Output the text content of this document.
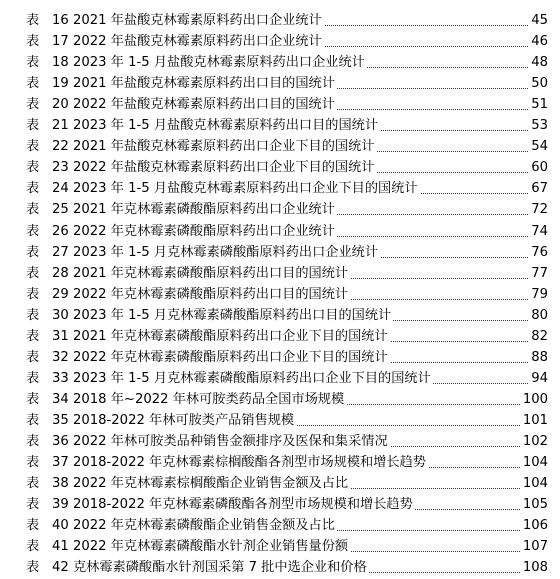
表 16 2021 年盐酸克林霉素原料药出口企业统计	45
表 17 2022 年盐酸克林霉素原料药出口企业统计	46
表 18 2023 年 1-5 月盐酸克林霉素原料药出口企业统计	48
表 19 2021 年盐酸克林霉素原料药出口目的国统计	50
表 20 2022 年盐酸克林霉素原料药出口目的国统计	51
表 21 2023 年 1-5 月盐酸克林霉素原料药出口目的国统计	53
表 22 2021 年盐酸克林霉素原料药出口企业下目的国统计	54
表 23 2022 年盐酸克林霉素原料药出口企业下目的国统计	60
表 24 2023 年 1-5 月盐酸克林霉素原料药出口企业下目的国统计	67
表 25 2021 年克林霉素磷酸酯原料药出口企业统计	72
表 26 2022 年克林霉素磷酸酯原料药出口企业统计	74
表 27 2023 年 1-5 月克林霉素磷酸酯原料药出口企业统计	76
表 28 2021 年克林霉素磷酸酯原料药出口目的国统计	77
表 29 2022 年克林霉素磷酸酯原料药出口目的国统计	79
表 30 2023 年 1-5 月克林霉素磷酸酯原料药出口目的国统计	80
表 31 2021 年克林霉素磷酸酯原料药出口企业下目的国统计	82
表 32 2022 年克林霉素磷酸酯原料药出口企业下目的国统计	88
表 33 2023 年 1-5 月克林霉素磷酸酯原料药出口企业下目的国统计	94
表 34 2018 年~2022 年林可胺类药品全国市场规模	100
表 35 2018-2022 年林可胺类产品销售规模	101
表 36 2022 年林可胺类品种销售金额排序及医保和集采情况	102
表 37 2018-2022 年克林霉素棕榈酸酯各剂型市场规模和增长趋势	104
表 38 2022 年克林霉素棕榈酸酯企业销售金额及占比	104
表 39 2018-2022 年克林霉素磷酸酯各剂型市场规模和增长趋势	105
表 40 2022 年克林霉素磷酸酯企业销售金额及占比	106
表 41 2022 年克林霉素磷酸酯水针剂企业销售量份额	107
表 42 克林霉素磷酸酯水针剂国采第 7 批中选企业和价格	108
